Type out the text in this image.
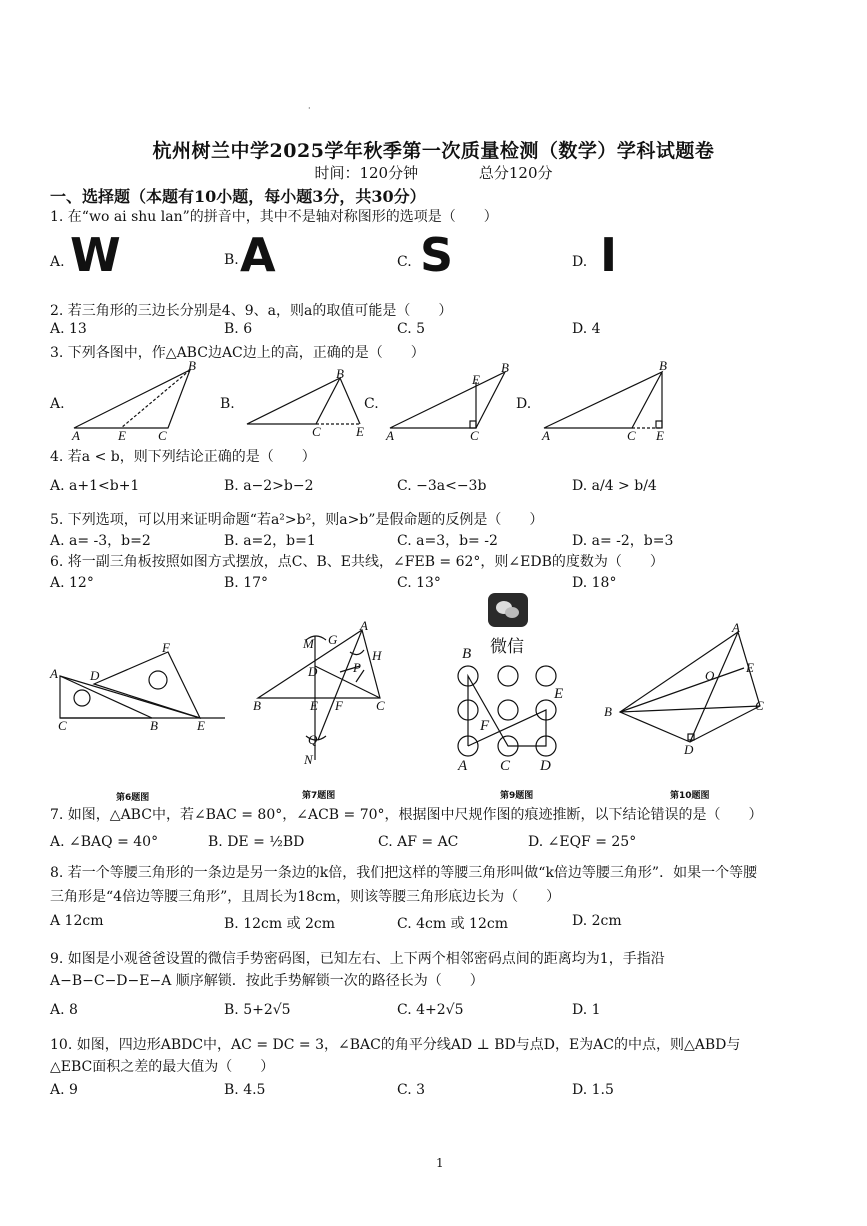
·
杭州树兰中学2025学年秋季第一次质量检测（数学）学科试题卷
时间：120分钟	总分120分
一、选择题（本题有10小题，每小题3分，共30分）
1. 在“wo ai shu lan”的拼音中，其中不是轴对称图形的选项是（　　）
A. W	B. A	C. S	D. I
2. 若三角形的三边长分别是4、9、a，则a的取值可能是（　　）
A. 13	B. 6	C. 5	D. 4
3. 下列各图中，作△ABC边AC边上的高，正确的是（　　）
A.	B.	C.	D.
B
A	E C
B
C	E
B
E
A	C
B
A	C E
4. 若a < b，则下列结论正确的是（　　）
A. a+1<b+1	B. a−2>b−2	C. −3a<−3b	D. a/4 > b/4
5. 下列选项，可以用来证明命题“若a²>b²，则a>b”是假命题的反例是（　　）
A. a= -3，b=2	B. a=2，b=1	C. a=3，b= -2	D. a= -2，b=3
6. 将一副三角板按照如图方式摆放，点C、B、E共线，∠FEB = 62°，则∠EDB的度数为（　　）
A. 12°	B. 17°	C. 13°	D. 18°
微信
A D
F
C	B	E
A
M G
H
D	P
B	E F	C
Q
N
B
E
F
A C D
A
E
O
B	C
D
第6题图	第7题图	第9题图	第10题图
7. 如图，△ABC中，若∠BAC = 80°，∠ACB = 70°，根据图中尺规作图的痕迹推断，以下结论错误的是（　　）
A. ∠BAQ = 40°	B. DE = ½BD	C. AF = AC	D. ∠EQF = 25°
8. 若一个等腰三角形的一条边是另一条边的k倍，我们把这样的等腰三角形叫做“k倍边等腰三角形”．如果一个等腰
三角形是“4倍边等腰三角形”，且周长为18cm，则该等腰三角形底边长为（　　）
A 12cm	B. 12cm 或 2cm	C. 4cm 或 12cm	D. 2cm
9. 如图是小观爸爸设置的微信手势密码图，已知左右、上下两个相邻密码点间的距离均为1，手指沿
A−B−C−D−E−A 顺序解锁．按此手势解锁一次的路径长为（　　）
A. 8	B. 5+2√5	C. 4+2√5	D. 1
10. 如图，四边形ABDC中，AC = DC = 3，∠BAC的角平分线AD ⊥ BD与点D，E为AC的中点，则△ABD与
△EBC面积之差的最大值为（　　）
A. 9	B. 4.5	C. 3	D. 1.5
1
